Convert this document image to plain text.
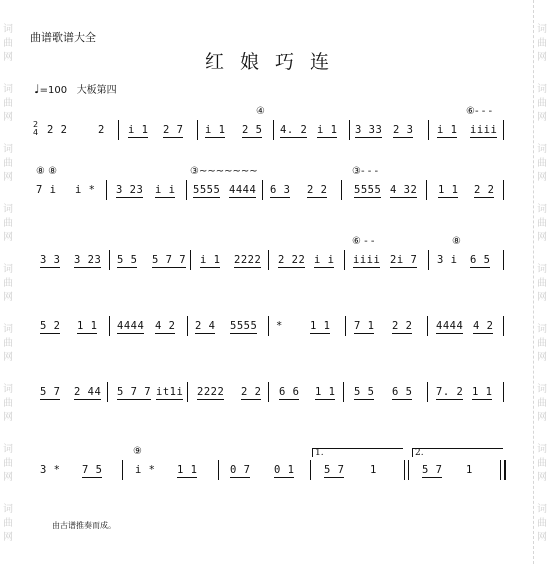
词
曲
网
词
曲
网
词
曲
网
词
曲
网
词
曲
网
词
曲
网
词
曲
网
词
曲
网
词
曲
网
词
曲
网
词
曲
网
词
曲
网
词
曲
网
词
曲
网
词
曲
网
词
曲
网
词
曲
网
词
曲
网
曲谱歌谱大全
红娘巧连
♩=100 大板第四
2
4
④	⑥- - -
2 2	2 i 1 2 7 i 1 2 5 4. 2 i 1 3 33 2 3 i 1 iiii
⑧ ⑧	③~~~~~~~	③- - -
7 i i * 3 23 i i 5555 4444 6 3 2 2	5555 4 32 1 1 2 2
⑥ - -	⑧
3 3 3 23 5 5 5 7 7 i 1 2222 2 22 i i iiii 2i 7 3 i 6 5
5 2 1 1 4444 4 2 2 4 5555 *	1 1 7 1 2 2 4444 4 2
5 7 2 44 5 7 7 it1i 2222 2 2 6 6 1 1 5 5 6 5 7. 2 1 1
⑨	1.	2.
3 * 7 5	i * 1 1	0 7 0 1	5 7 1	5 7 1
由古谱推奏而成。
